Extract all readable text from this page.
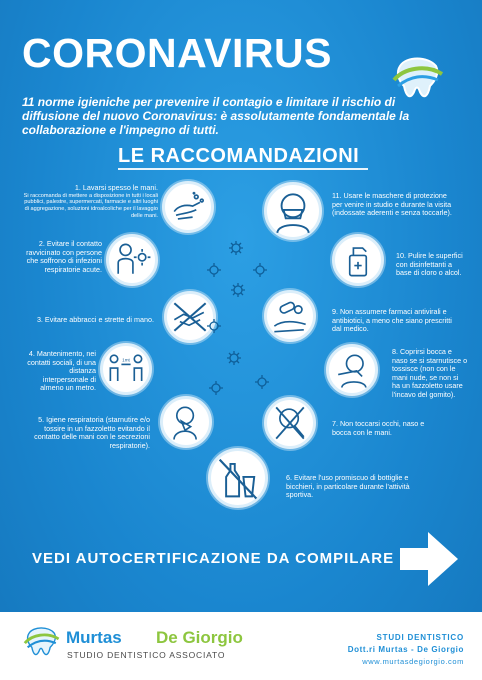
CORONAVIRUS
11 norme igieniche per prevenire il contagio e limitare il rischio di diffusione del nuovo Coronavirus: è assolutamente fondamentale la collaborazione e l'impegno di tutti.
LE RACCOMANDAZIONI
1. Lavarsi spesso le mani.
Si raccomanda di mettere a disposizione in tutti i locali pubblici, palestre, supermercati, farmacie e altri luoghi di aggregazione, soluzioni idroalcoliche per il lavaggio delle mani.
2. Evitare il contatto ravvicinato con persone che soffrono di infezioni respiratorie acute.
3. Evitare abbracci e strette di mano.
4. Mantenimento, nei contatti sociali, di una distanza interpersonale di almeno un metro.
5. Igiene respiratoria (starnutire e/o tossire in un fazzoletto evitando il contatto delle mani con le secrezioni respiratorie).
11. Usare le maschere di protezione per venire in studio e durante la visita (indossate aderenti e senza toccarle).
10. Pulire le superfici con disinfettanti a base di cloro o alcol.
9. Non assumere farmaci antivirali e antibiotici, a meno che siano prescritti dal medico.
8. Coprirsi bocca e naso se si starnutisce o tossisce (non con le mani nude, se non si ha un fazzoletto usare l'incavo del gomito).
7. Non toccarsi occhi, naso e bocca con le mani.
6. Evitare l'uso promiscuo di bottiglie e bicchieri, in particolare durante l'attività sportiva.
1mt
VEDI AUTOCERTIFICAZIONE DA COMPILARE
Murtas De Giorgio
STUDIO DENTISTICO ASSOCIATO
STUDI DENTISTICO
Dott.ri Murtas - De Giorgio
www.murtasdegiorgio.com
